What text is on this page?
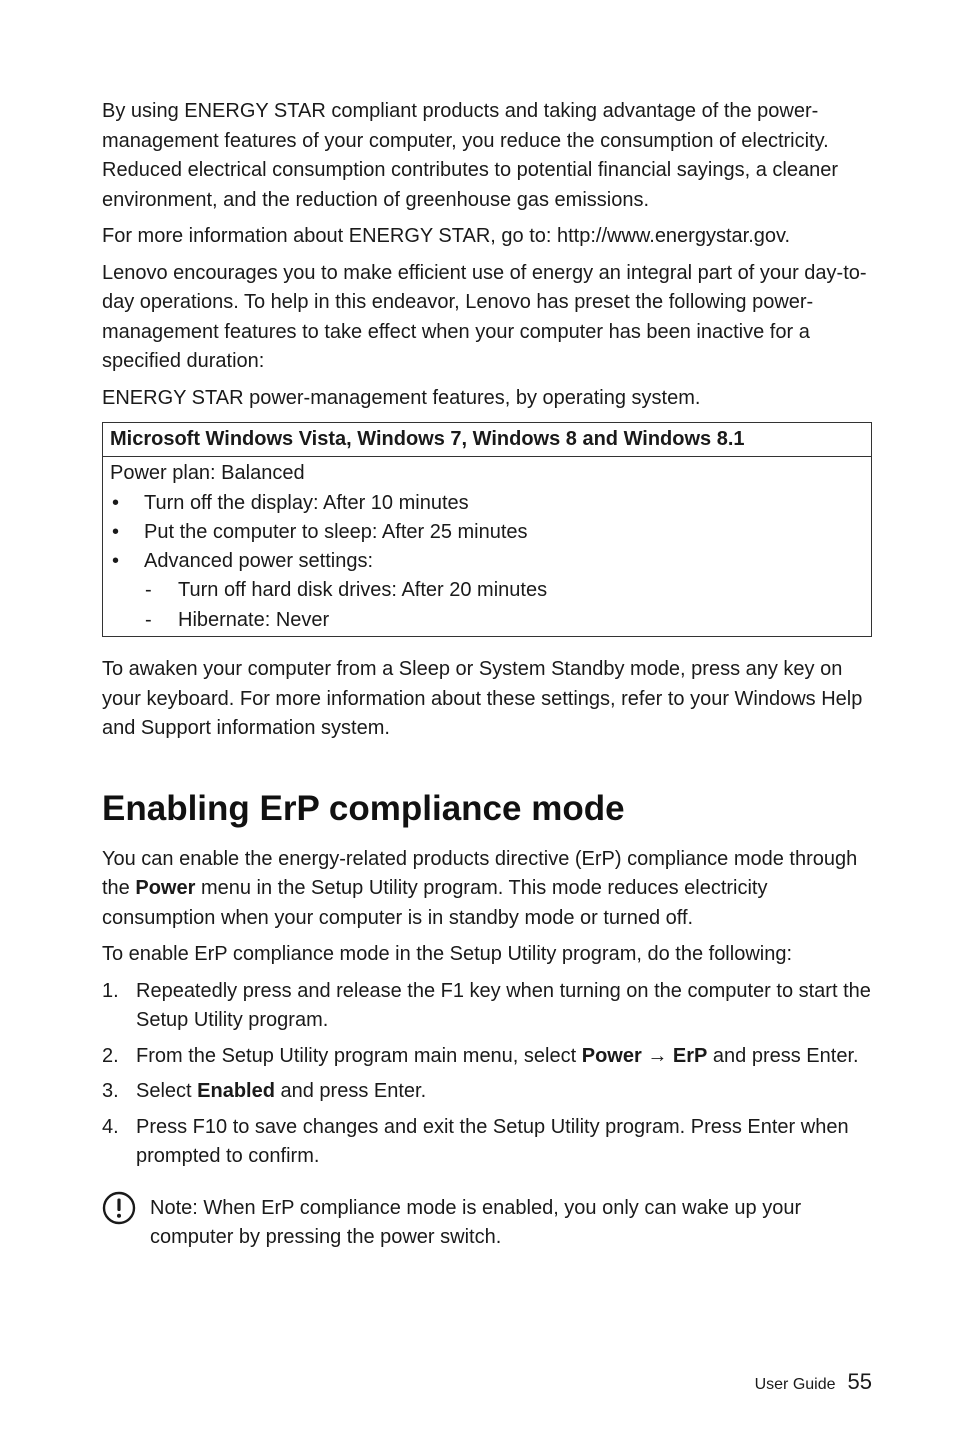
By using ENERGY STAR compliant products and taking advantage of the power-management features of your computer, you reduce the consumption of electricity. Reduced electrical consumption contributes to potential financial sayings, a cleaner environment, and the reduction of greenhouse gas emissions.

For more information about ENERGY STAR, go to: http://www.energystar.gov.

Lenovo encourages you to make efficient use of energy an integral part of your day-to-day operations. To help in this endeavor, Lenovo has preset the following power-management features to take effect when your computer has been inactive for a specified duration:

ENERGY STAR power-management features, by operating system.

Microsoft Windows Vista, Windows 7, Windows 8 and Windows 8.1

Power plan: Balanced
• Turn off the display: After 10 minutes
• Put the computer to sleep: After 25 minutes
• Advanced power settings:
- Turn off hard disk drives: After 20 minutes
- Hibernate: Never

To awaken your computer from a Sleep or System Standby mode, press any key on your keyboard. For more information about these settings, refer to your Windows Help and Support information system.

Enabling ErP compliance mode

You can enable the energy-related products directive (ErP) compliance mode through the Power menu in the Setup Utility program. This mode reduces electricity consumption when your computer is in standby mode or turned off.

To enable ErP compliance mode in the Setup Utility program, do the following:

1. Repeatedly press and release the F1 key when turning on the computer to start the Setup Utility program.
2. From the Setup Utility program main menu, select Power → ErP and press Enter.
3. Select Enabled and press Enter.
4. Press F10 to save changes and exit the Setup Utility program. Press Enter when prompted to confirm.
Note: When ErP compliance mode is enabled, you only can wake up your computer by pressing the power switch.
User Guide 55
